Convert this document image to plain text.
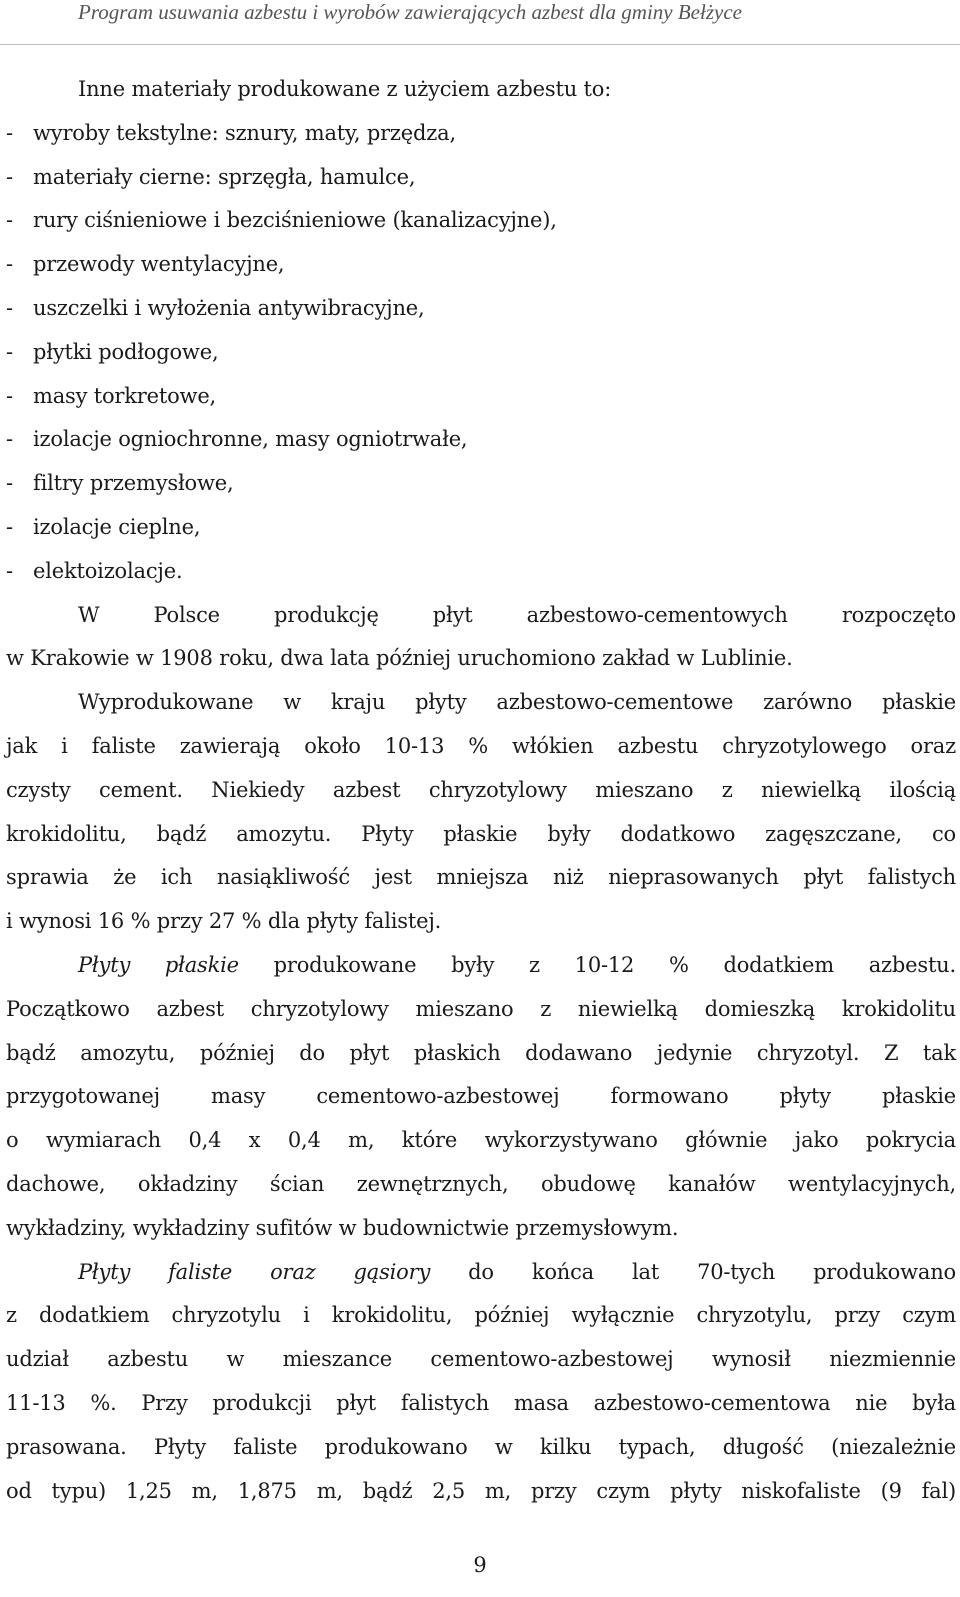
Program usuwania azbestu i wyrobów zawierających azbest dla gminy Bełżyce
Inne materiały produkowane z użyciem azbestu to:
- wyroby tekstylne: sznury, maty, przędza,
- materiały cierne: sprzęgła, hamulce,
- rury ciśnieniowe i bezciśnieniowe (kanalizacyjne),
- przewody wentylacyjne,
- uszczelki i wyłożenia antywibracyjne,
- płytki podłogowe,
- masy torkretowe,
- izolacje ogniochronne, masy ogniotrwałe,
- filtry przemysłowe,
- izolacje cieplne,
- elektoizolacje.
W Polsce produkcję płyt azbestowo-cementowych rozpoczęto
w Krakowie w 1908 roku, dwa lata później uruchomiono zakład w Lublinie.
Wyprodukowane w kraju płyty azbestowo-cementowe zarówno płaskie
jak i faliste zawierają około 10-13 % włókien azbestu chryzotylowego oraz
czysty cement. Niekiedy azbest chryzotylowy mieszano z niewielką ilością
krokidolitu, bądź amozytu. Płyty płaskie były dodatkowo zagęszczane, co
sprawia że ich nasiąkliwość jest mniejsza niż nieprasowanych płyt falistych
i wynosi 16 % przy 27 % dla płyty falistej.
Płyty płaskie produkowane były z 10-12 % dodatkiem azbestu.
Początkowo azbest chryzotylowy mieszano z niewielką domieszką krokidolitu
bądź amozytu, później do płyt płaskich dodawano jedynie chryzotyl. Z tak
przygotowanej masy cementowo-azbestowej formowano płyty płaskie
o wymiarach 0,4 x 0,4 m, które wykorzystywano głównie jako pokrycia
dachowe, okładziny ścian zewnętrznych, obudowę kanałów wentylacyjnych,
wykładziny, wykładziny sufitów w budownictwie przemysłowym.
Płyty faliste oraz gąsiory do końca lat 70-tych produkowano
z dodatkiem chryzotylu i krokidolitu, później wyłącznie chryzotylu, przy czym
udział azbestu w mieszance cementowo-azbestowej wynosił niezmiennie
11-13 %. Przy produkcji płyt falistych masa azbestowo-cementowa nie była
prasowana. Płyty faliste produkowano w kilku typach, długość (niezależnie
od typu) 1,25 m, 1,875 m, bądź 2,5 m, przy czym płyty niskofaliste (9 fal)
9
